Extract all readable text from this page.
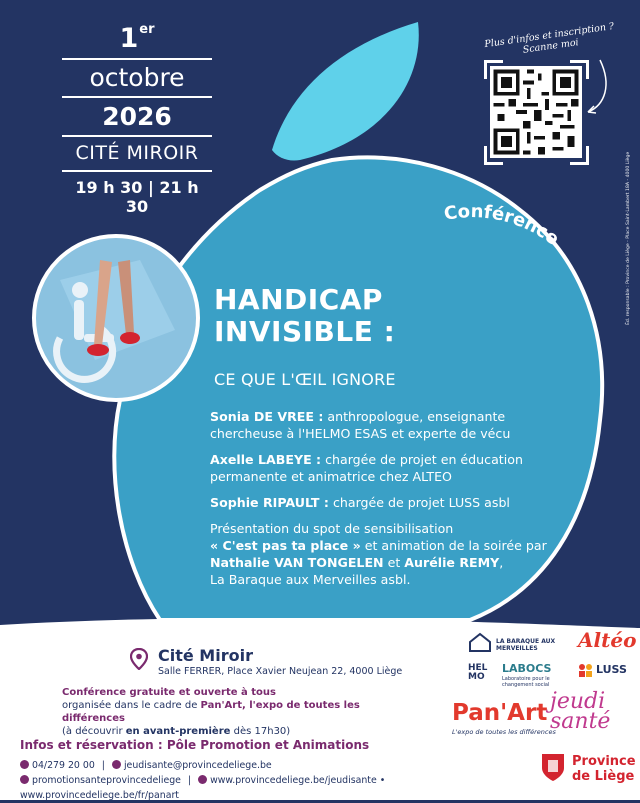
1er
octobre
2026
CITÉ MIROIR
19 h 30 | 21 h 30
Plus d'infos et inscription ? Scanne moi
Conférence
HANDICAP
INVISIBLE :
CE QUE L'ŒIL IGNORE
Sonia DE VREE : anthropologue, enseignante chercheuse à l'HELMO ESAS et experte de vécu
Axelle LABEYE : chargée de projet en éducation permanente et animatrice chez ALTEO
Sophie RIPAULT : chargée de projet LUSS asbl
Présentation du spot de sensibilisation
« C'est pas ta place » et animation de la soirée par
Nathalie VAN TONGELEN et Aurélie REMY,
La Baraque aux Merveilles asbl.
Éd. responsable : Province de Liège - Place Saint-Lambert 18A - 4000 Liège
Cité Miroir
Salle FERRER, Place Xavier Neujean 22, 4000 Liège
Conférence gratuite et ouverte à tous
organisée dans le cadre de Pan'Art, l'expo de toutes les différences
(à découvrir en avant-première dès 17h30)
Infos et réservation : Pôle Promotion et Animations
04/279 20 00 | jeudisante@provincedeliege.be
promotionsanteprovincedeliege | www.provincedeliege.be/jeudisante • www.provincedeliege.be/fr/panart
LA BARAQUE AUX MERVEILLES	Altéo
HEL MO
LABOCS
Laboratoire pour le changement social
LUSS
Pan'Art
L'expo de toutes les différences
jeudi
santé
Province
de Liège
